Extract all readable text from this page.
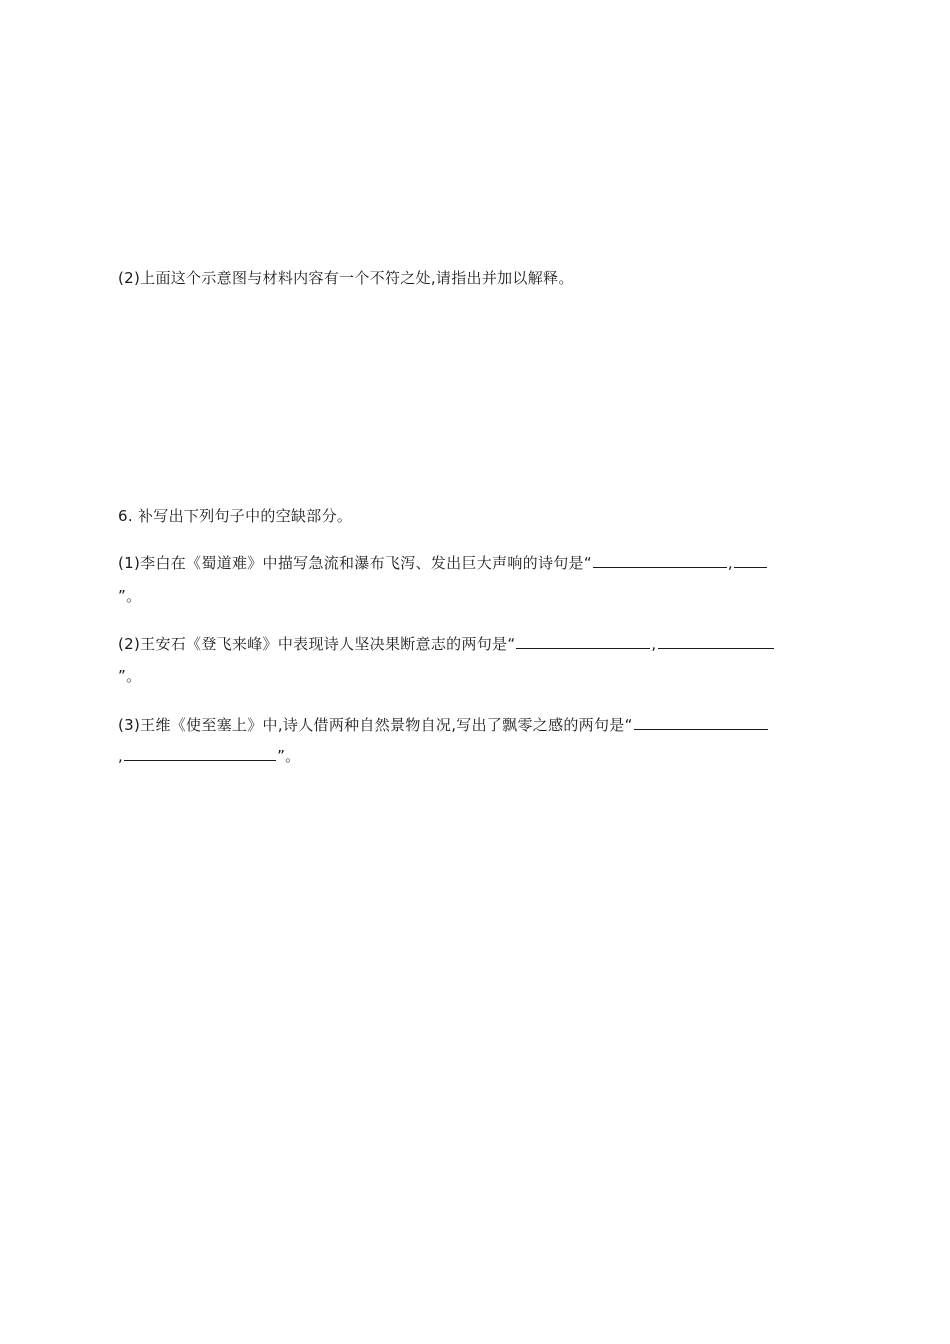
(2)上面这个示意图与材料内容有一个不符之处,请指出并加以解释。
6. 补写出下列句子中的空缺部分。
(1)李白在《蜀道难》中描写急流和瀑布飞泻、发出巨大声响的诗句是“	,
”。
(2)王安石《登飞来峰》中表现诗人坚决果断意志的两句是“	,
”。
(3)王维《使至塞上》中,诗人借两种自然景物自况,写出了飘零之感的两句是“
,	”。
